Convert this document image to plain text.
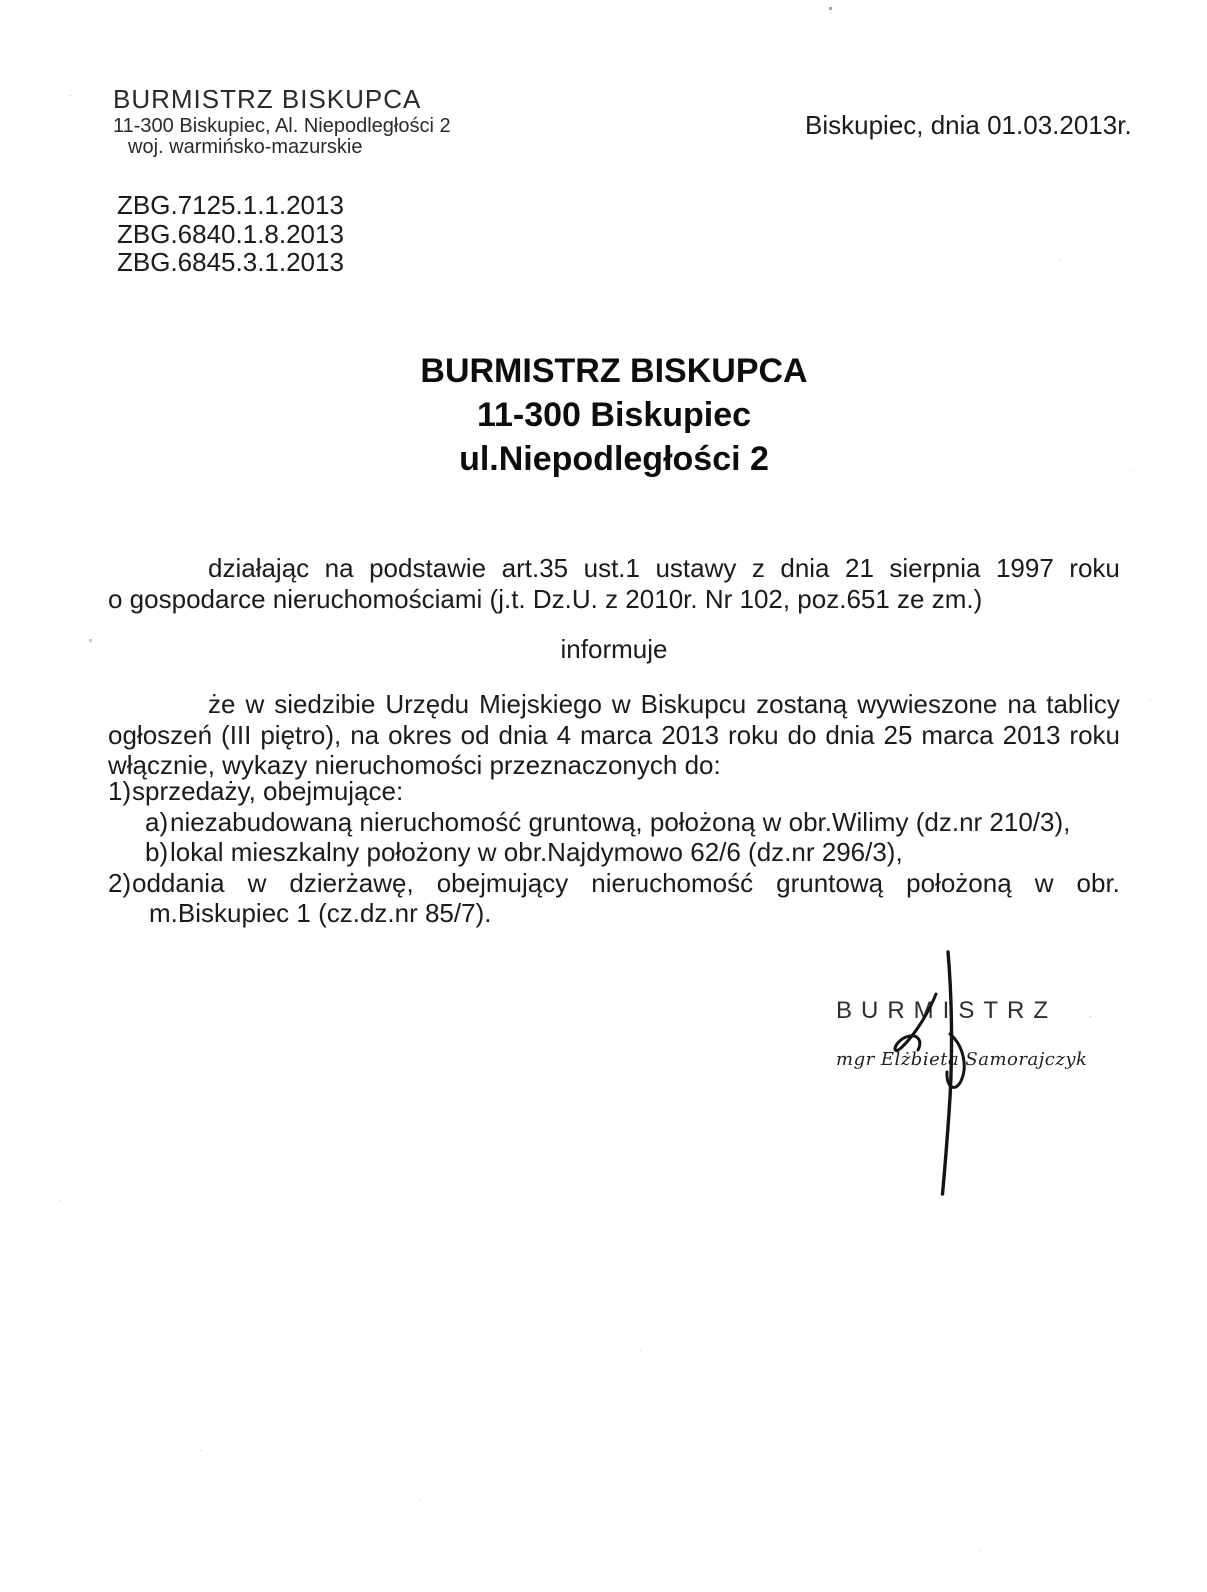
BURMISTRZ BISKUPCA
11-300 Biskupiec, Al. Niepodległości 2
woj. warmińsko-mazurskie
Biskupiec, dnia 01.03.2013r.
ZBG.7125.1.1.2013
ZBG.6840.1.8.2013
ZBG.6845.3.1.2013
BURMISTRZ BISKUPCA
11-300 Biskupiec
ul.Niepodległości 2
działając na podstawie art.35 ust.1 ustawy z dnia 21 sierpnia 1997 roku
o gospodarce nieruchomościami (j.t. Dz.U. z 2010r. Nr 102, poz.651 ze zm.)
informuje
że w siedzibie Urzędu Miejskiego w Biskupcu zostaną wywieszone na tablicy
ogłoszeń (III piętro), na okres od dnia 4 marca 2013 roku do dnia 25 marca 2013 roku
włącznie, wykazy nieruchomości przeznaczonych do:
1)sprzedaży, obejmujące:
a)niezabudowaną nieruchomość gruntową, położoną w obr.Wilimy (dz.nr 210/3),
b)lokal mieszkalny położony w obr.Najdymowo 62/6 (dz.nr 296/3),
2) oddania w dzierżawę, obejmujący nieruchomość gruntową położoną w obr.
m.Biskupiec 1 (cz.dz.nr 85/7).
BURMISTRZ
mgr Elżbieta Samorajczyk
